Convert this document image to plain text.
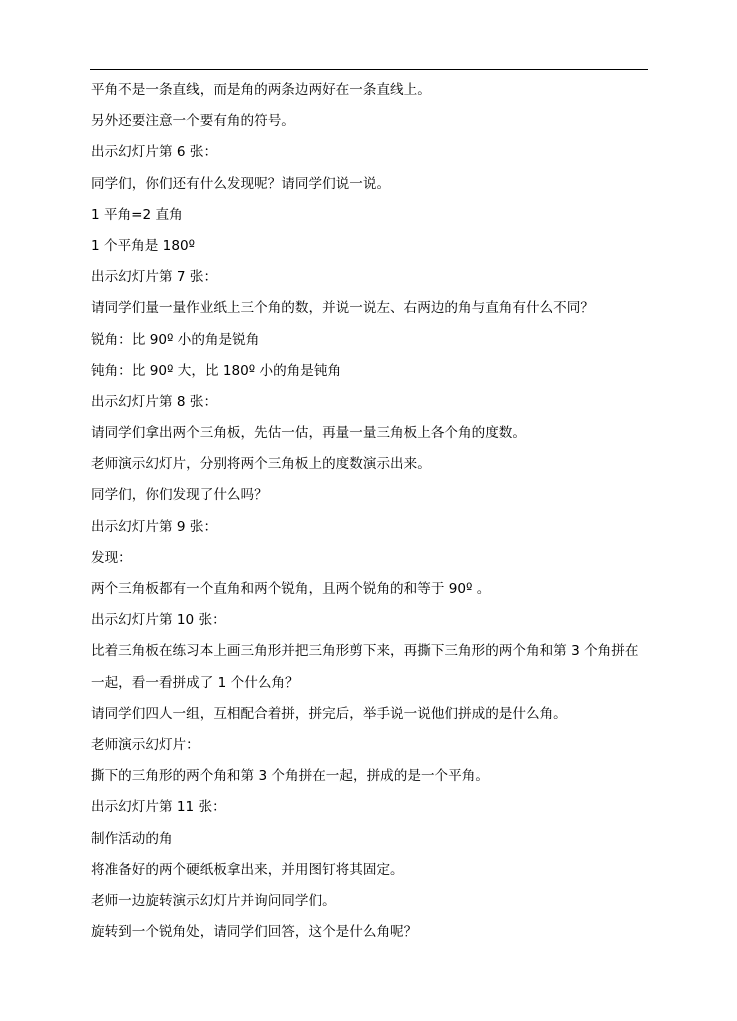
平角不是一条直线，而是角的两条边两好在一条直线上。
另外还要注意一个要有角的符号。
出示幻灯片第 6 张：
同学们，你们还有什么发现呢？请同学们说一说。
1 平角=2 直角
1 个平角是 180º
出示幻灯片第 7 张：
请同学们量一量作业纸上三个角的数，并说一说左、右两边的角与直角有什么不同？
锐角：比 90º 小的角是锐角
钝角：比 90º 大，比 180º 小的角是钝角
出示幻灯片第 8 张：
请同学们拿出两个三角板，先估一估，再量一量三角板上各个角的度数。
老师演示幻灯片，分别将两个三角板上的度数演示出来。
同学们，你们发现了什么吗？
出示幻灯片第 9 张：
发现：
两个三角板都有一个直角和两个锐角，且两个锐角的和等于 90º 。
出示幻灯片第 10 张：
比着三角板在练习本上画三角形并把三角形剪下来，再撕下三角形的两个角和第 3 个角拼在
一起，看一看拼成了 1 个什么角？
请同学们四人一组，互相配合着拼，拼完后，举手说一说他们拼成的是什么角。
老师演示幻灯片：
撕下的三角形的两个角和第 3 个角拼在一起，拼成的是一个平角。
出示幻灯片第 11 张：
制作活动的角
将准备好的两个硬纸板拿出来，并用图钉将其固定。
老师一边旋转演示幻灯片并询问同学们。
旋转到一个锐角处，请同学们回答，这个是什么角呢？
